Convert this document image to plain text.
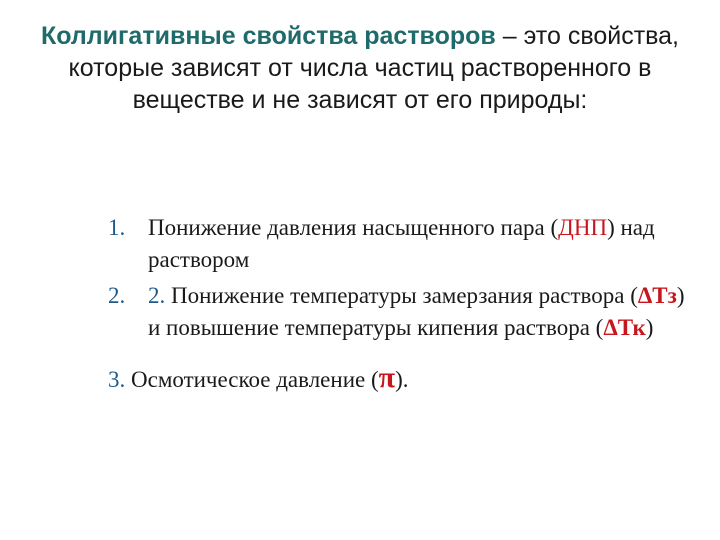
Коллигативные свойства растворов – это свойства, которые зависят от числа частиц растворенного в веществе и не зависят от его природы:
1. Понижение давления насыщенного пара (ДНП) над раствором
2. 2. Понижение температуры замерзания раствора (ΔТз) и повышение температуры кипения раствора (ΔТк)
3. Осмотическое давление (π).
